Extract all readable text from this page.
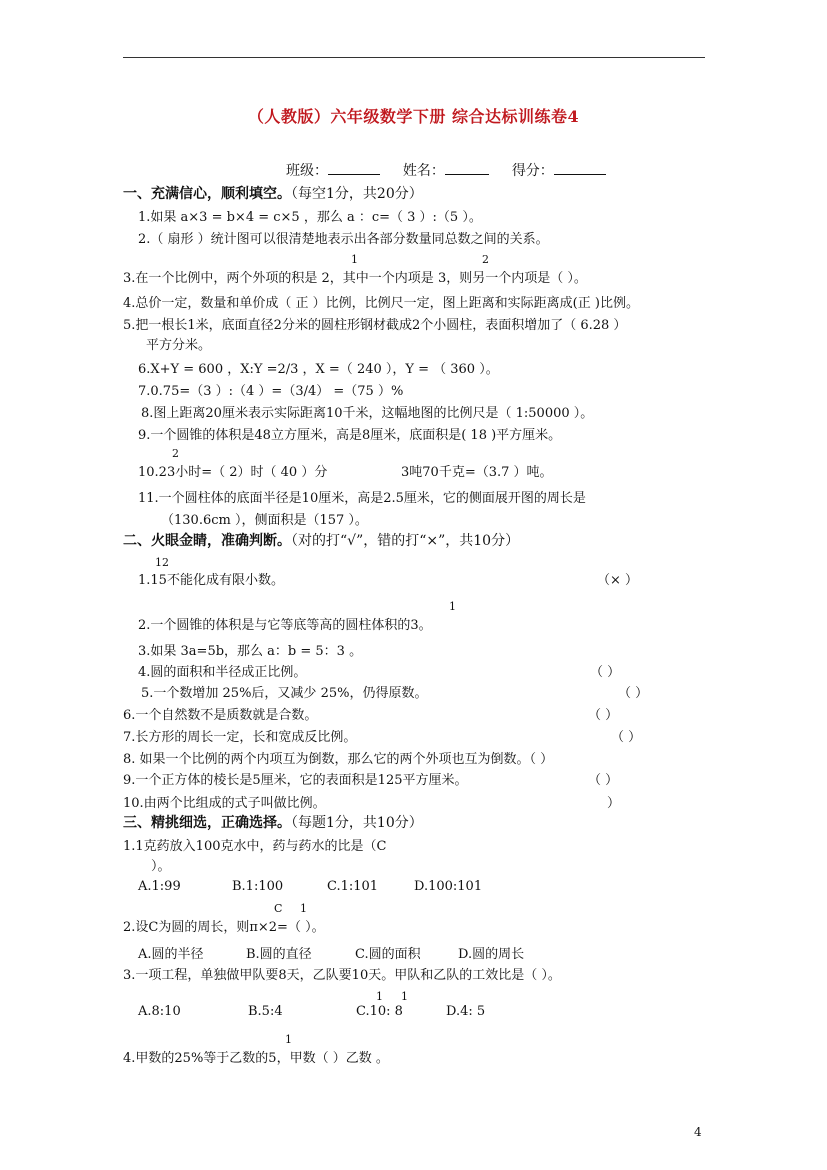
（人教版）六年级数学下册 综合达标训练卷4
班级：	姓名：	得分：
一、充满信心，顺利填空。（每空1分，共20分）
1.如果 a×3 = b×4 = c×5 ，那么 a ：c=（ 3 ）:（5 ）。
2.（ 扇形 ）统计图可以很清楚地表示出各部分数量同总数之间的关系。
1	2
3.在一个比例中，两个外项的积是 2，其中一个内项是 3，则另一个内项是（ ）。
4.总价一定，数量和单价成（ 正 ）比例，比例尺一定，图上距离和实际距离成(正 )比例。
5.把一根长1米，底面直径2分米的圆柱形钢材截成2个小圆柱，表面积增加了（ 6.28 ）
平方分米。
6.X+Y = 600 ，X:Y =2/3 ，X =（ 240 ），Y = （ 360 ）。
7.0.75=（3 ）:（4 ）=（3/4） =（75 ）%
8.图上距离20厘米表示实际距离10千米，这幅地图的比例尺是（ 1:50000 ）。
9.一个圆锥的体积是48立方厘米，高是8厘米，底面积是( 18 )平方厘米。
2
10.23小时=（ 2）时（ 40 ）分	3吨70千克=（3.7 ）吨。
11.一个圆柱体的底面半径是10厘米，高是2.5厘米，它的侧面展开图的周长是
（130.6cm ），侧面积是（157 ）。
二、火眼金睛，准确判断。（对的打“√”，错的打“×”，共10分）
12
1.15不能化成有限小数。	（× ）
1
2.一个圆锥的体积是与它等底等高的圆柱体积的3。
3.如果 3a=5b，那么 a：b = 5：3 。
4.圆的面积和半径成正比例。	（ ）
5.一个数增加 25%后，又减少 25%，仍得原数。	（ ）
6.一个自然数不是质数就是合数。	（ ）
7.长方形的周长一定，长和宽成反比例。	（ ）
8. 如果一个比例的两个内项互为倒数，那么它的两个外项也互为倒数。（ ）
9.一个正方体的棱长是5厘米，它的表面积是125平方厘米。	（ ）
10.由两个比组成的式子叫做比例。	）
三、精挑细选，正确选择。（每题1分，共10分）
1.1克药放入100克水中，药与药水的比是（C
）。
A.1:99	B.1:100	C.1:101	D.100:101
C 1
2.设C为圆的周长，则π×2=（ ）。
A.圆的半径	B.圆的直径	C.圆的面积	D.圆的周长
3.一项工程，单独做甲队要8天，乙队要10天。甲队和乙队的工效比是（ ）。
1 1
A.8:10	B.5:4	C.10: 8	D.4: 5
1
4.甲数的25%等于乙数的5，甲数（ ）乙数 。
4
